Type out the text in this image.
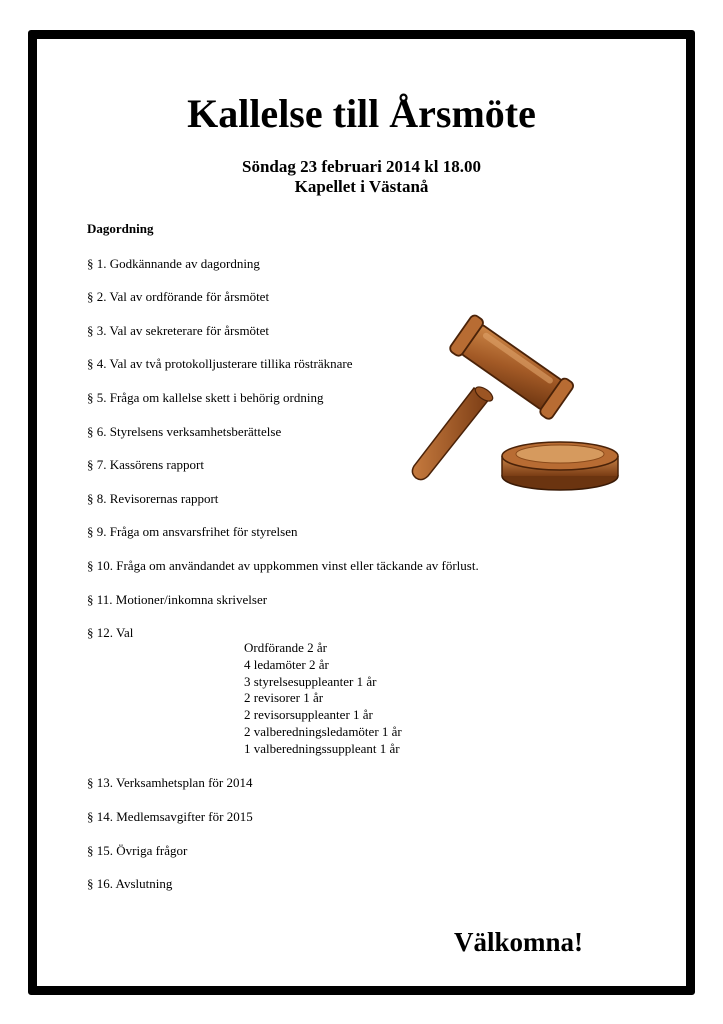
Kallelse till Årsmöte
Söndag 23 februari 2014 kl 18.00
Kapellet i Västanå
Dagordning
§ 1. Godkännande av dagordning
§ 2. Val av ordförande för årsmötet
§ 3. Val av sekreterare för årsmötet
§ 4. Val av två protokolljusterare tillika rösträknare
§ 5. Fråga om kallelse skett i behörig ordning
§ 6. Styrelsens verksamhetsberättelse
§ 7. Kassörens rapport
§ 8. Revisorernas rapport
§ 9. Fråga om ansvarsfrihet för styrelsen
§ 10. Fråga om användandet av uppkommen vinst eller täckande av förlust.
§ 11. Motioner/inkomna skrivelser
§ 12. Val
Ordförande 2 år
4 ledamöter 2 år
3 styrelsesuppleanter 1 år
2 revisorer 1 år
2 revisorsuppleanter 1 år
2 valberedningsledamöter 1 år
1 valberedningssuppleant 1 år
§ 13. Verksamhetsplan för 2014
§ 14. Medlemsavgifter för 2015
§ 15. Övriga frågor
§ 16. Avslutning
Välkomna!
